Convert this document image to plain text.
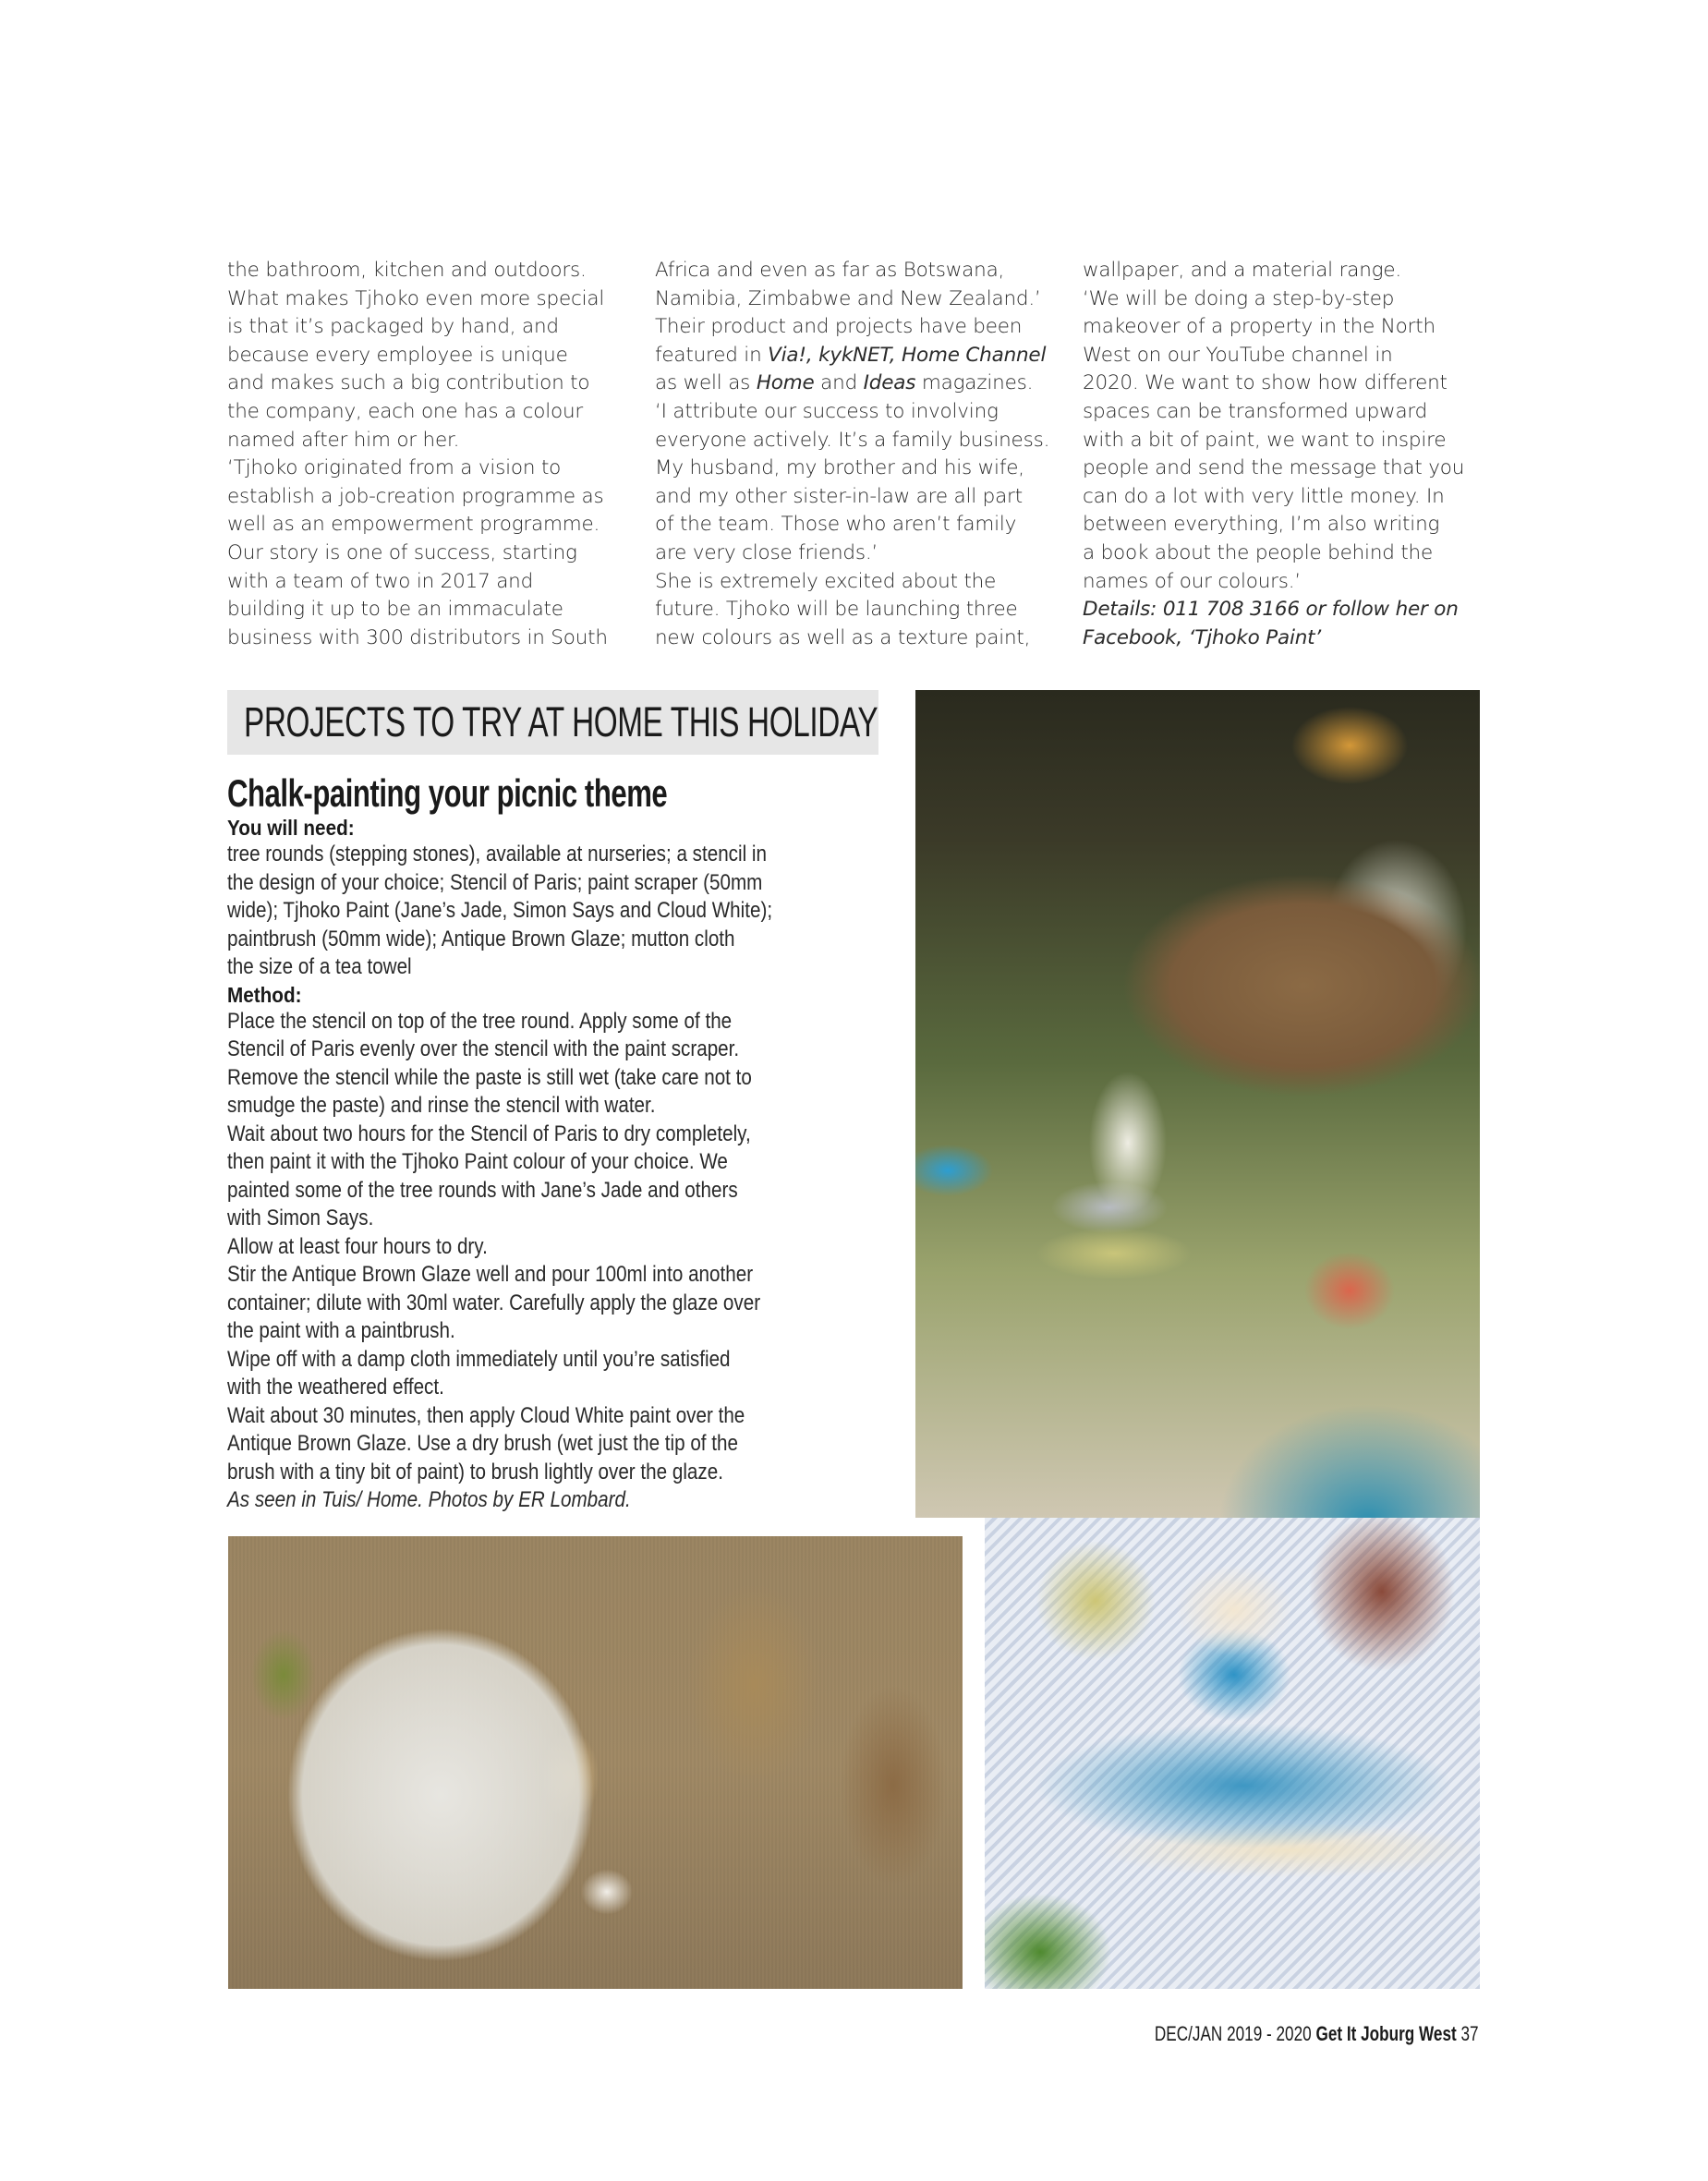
the bathroom, kitchen and outdoors.

What makes Tjhoko even more special

is that it’s packaged by hand, and

because every employee is unique

and makes such a big contribution to

the company, each one has a colour

named after him or her.

‘Tjhoko originated from a vision to

establish a job-creation programme as

well as an empowerment programme.

Our story is one of success, starting

with a team of two in 2017 and

building it up to be an immaculate

business with 300 distributors in South

Africa and even as far as Botswana,

Namibia, Zimbabwe and New Zealand.’

Their product and projects have been

featured in Via!, kykNET, Home Channel

as well as Home and Ideas magazines.

‘I attribute our success to involving

everyone actively. It’s a family business.

My husband, my brother and his wife,

and my other sister-in-law are all part

of the team. Those who aren’t family

are very close friends.’

She is extremely excited about the

future. Tjhoko will be launching three

new colours as well as a texture paint,

wallpaper, and a material range.

‘We will be doing a step-by-step

makeover of a property in the North

West on our YouTube channel in

2020. We want to show how different

spaces can be transformed upward

with a bit of paint, we want to inspire

people and send the message that you

can do a lot with very little money. In

between everything, I’m also writing

a book about the people behind the

names of our colours.’

Details: 011 708 3166 or follow her on

Facebook, ‘Tjhoko Paint’

PROJECTS TO TRY AT HOME THIS HOLIDAY
Chalk-painting your picnic theme

You will need:

tree rounds (stepping stones), available at nurseries; a stencil in

the design of your choice; Stencil of Paris; paint scraper (50mm

wide); Tjhoko Paint (Jane’s Jade, Simon Says and Cloud White);

paintbrush (50mm wide); Antique Brown Glaze; mutton cloth

the size of a tea towel

Method:

Place the stencil on top of the tree round. Apply some of the

Stencil of Paris evenly over the stencil with the paint scraper.

Remove the stencil while the paste is still wet (take care not to

smudge the paste) and rinse the stencil with water.

Wait about two hours for the Stencil of Paris to dry completely,

then paint it with the Tjhoko Paint colour of your choice. We

painted some of the tree rounds with Jane’s Jade and others

with Simon Says.

Allow at least four hours to dry.

Stir the Antique Brown Glaze well and pour 100ml into another

container; dilute with 30ml water. Carefully apply the glaze over

the paint with a paintbrush.

Wipe off with a damp cloth immediately until you’re satisfied

with the weathered effect.

Wait about 30 minutes, then apply Cloud White paint over the

Antique Brown Glaze. Use a dry brush (wet just the tip of the

brush with a tiny bit of paint) to brush lightly over the glaze.

As seen in Tuis/ Home. Photos by ER Lombard.

DEC/JAN 2019 - 2020 Get It Joburg West 37
